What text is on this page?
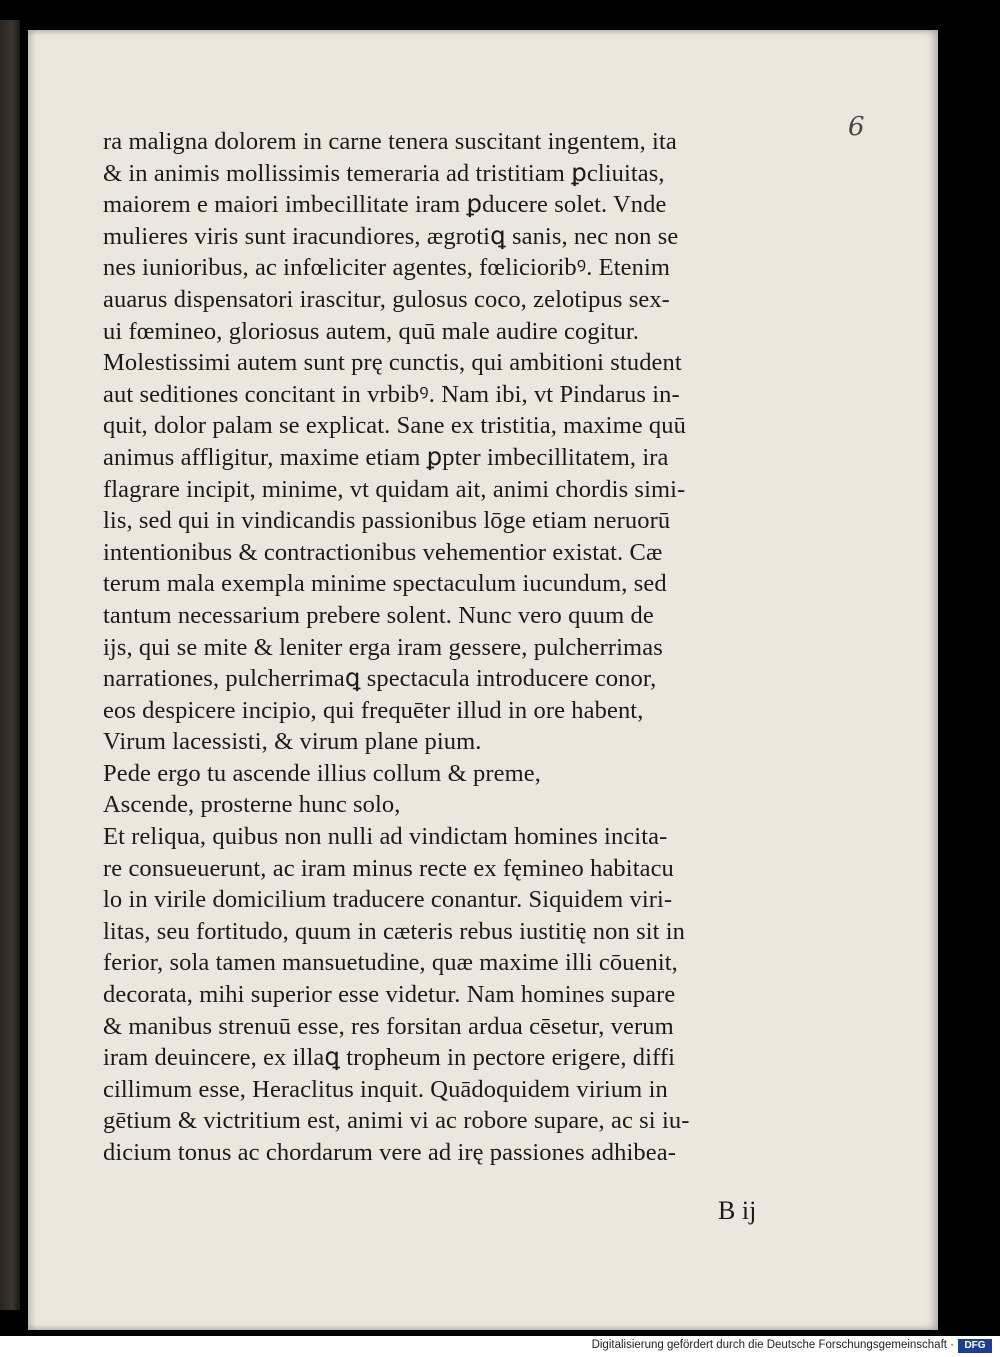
6
ra maligna dolorem in carne tenera suscitant ingentem, ita
& in animis mollissimis temeraria ad tristitiam ꝑcliuitas,
maiorem e maiori imbecillitate iram ꝑducere solet. Vnde
mulieres viris sunt iracundiores, ægrotiꝗ sanis, nec non se
nes iunioribus, ac infœliciter agentes, fœlicioribꝰ. Etenim
auarus dispensatori irascitur, gulosus coco, zelotipus sex-
ui fœmineo, gloriosus autem, quū male audire cogitur.
Molestissimi autem sunt prę cunctis, qui ambitioni student
aut seditiones concitant in vrbibꝰ. Nam ibi, vt Pindarus in-
quit, dolor palam se explicat. Sane ex tristitia, maxime quū
animus affligitur, maxime etiam ꝑpter imbecillitatem, ira
flagrare incipit, minime, vt quidam ait, animi chordis simi-
lis, sed qui in vindicandis passionibus lōge etiam neruorū
intentionibus & contractionibus vehementior existat. Cæ
terum mala exempla minime spectaculum iucundum, sed
tantum necessarium prebere solent. Nunc vero quum de
ijs, qui se mite & leniter erga iram gessere, pulcherrimas
narrationes, pulcherrimaꝗ spectacula introducere conor,
eos despicere incipio, qui frequēter illud in ore habent,
Virum lacessisti, & virum plane pium.
Pede ergo tu ascende illius collum & preme,
Ascende, prosterne hunc solo,
Et reliqua, quibus non nulli ad vindictam homines incita-
re consueuerunt, ac iram minus recte ex fęmineo habitacu
lo in virile domicilium traducere conantur. Siquidem viri-
litas, seu fortitudo, quum in cæteris rebus iustitię non sit in
ferior, sola tamen mansuetudine, quæ maxime illi cōuenit,
decorata, mihi superior esse videtur. Nam homines supare
& manibus strenuū esse, res forsitan ardua cēsetur, verum
iram deuincere, ex illaꝗ tropheum in pectore erigere, diffi
cillimum esse, Heraclitus inquit. Quādoquidem virium in
gētium & victritium est, animi vi ac robore supare, ac si iu-
dicium tonus ac chordarum vere ad irę passiones adhibea-
B ij
Digitalisierung gefördert durch die Deutsche Forschungsgemeinschaft ·	DFG
